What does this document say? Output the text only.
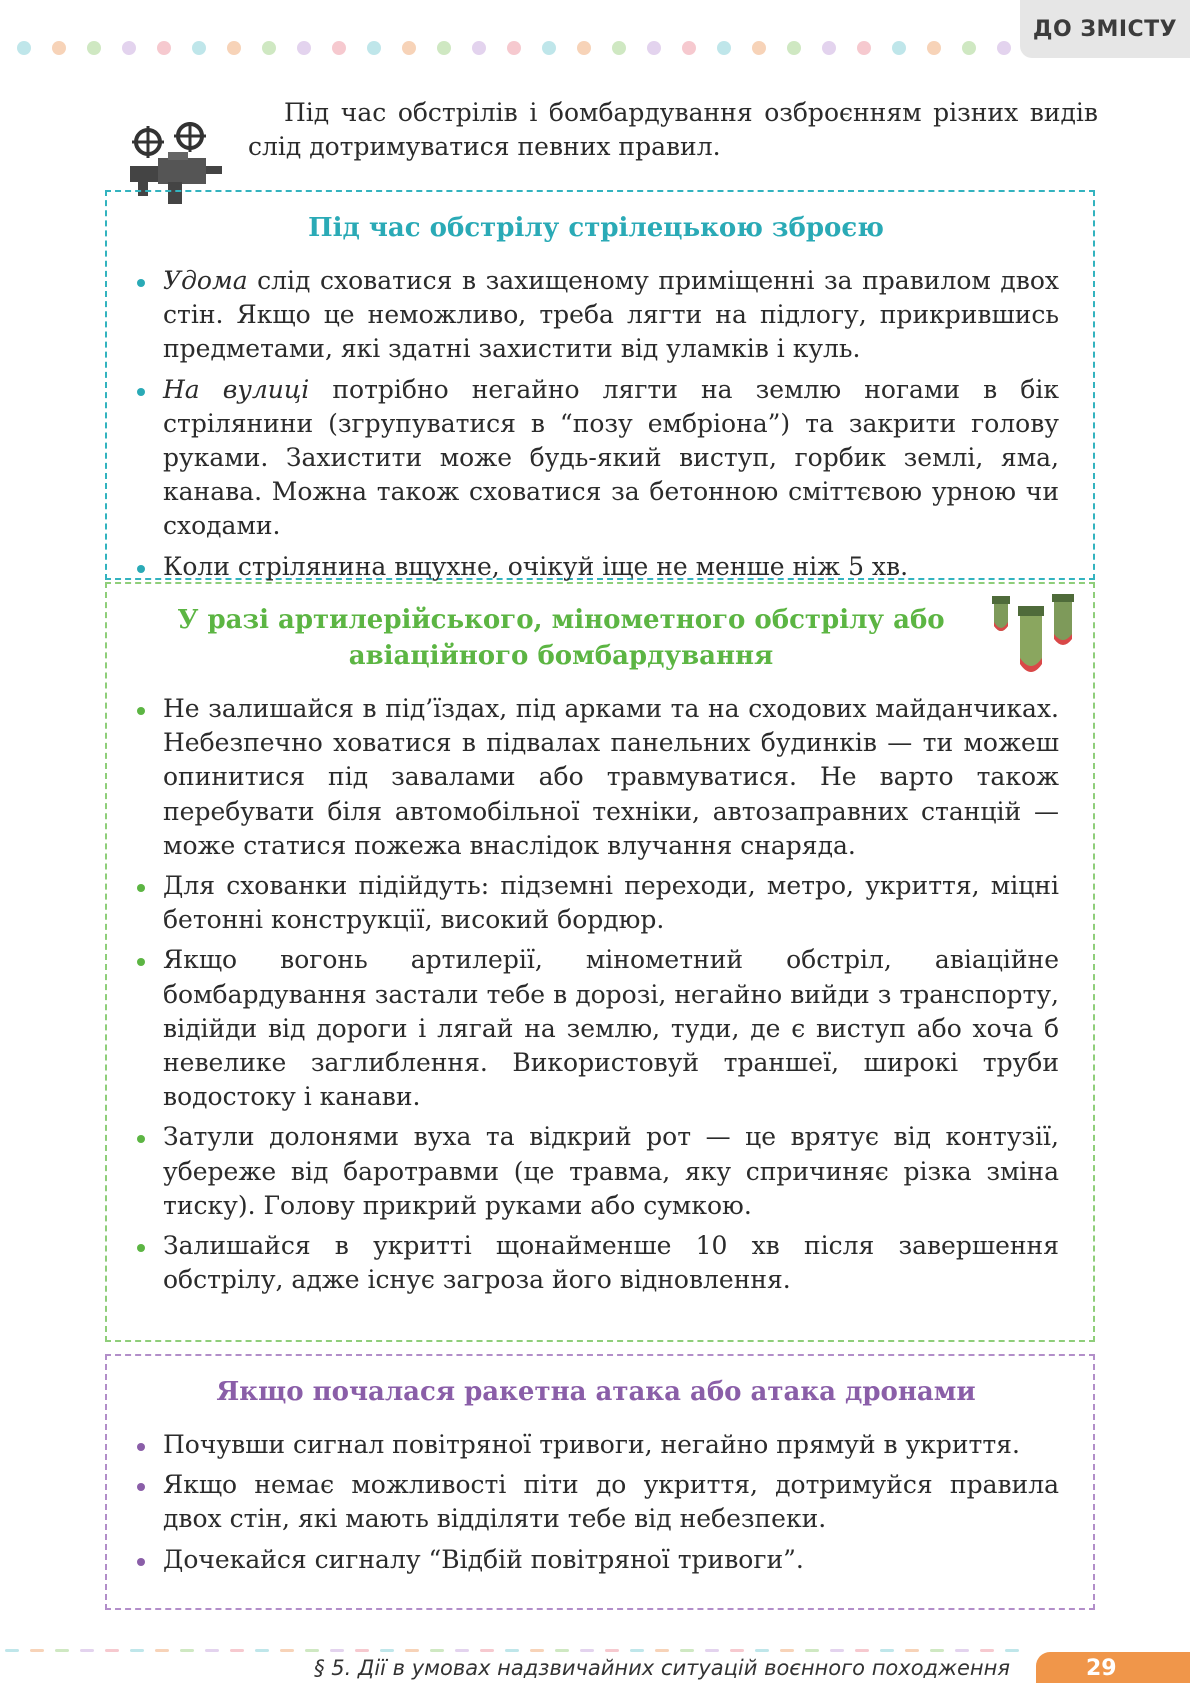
ДО ЗМІСТУ

Під час обстрілів і бомбардування озброєнням різних видів слід дотримуватися певних правил.

Під час обстрілу стрілецькою зброєю
Удома слід сховатися в захищеному приміщенні за правилом двох стін. Якщо це неможливо, треба лягти на підлогу, прикрившись предметами, які здатні захистити від уламків і куль.
На вулиці потрібно негайно лягти на землю ногами в бік стрілянини (згрупуватися в “позу ембріона”) та закрити голову руками. Захистити може будь-який виступ, горбик землі, яма, канава. Можна також сховатися за бетонною сміттєвою урною чи сходами.
Коли стрілянина вщухне, очікуй іще не менше ніж 5 хв.
У разі артилерійського, мінометного обстрілу або авіаційного бомбардування
Не залишайся в під’їздах, під арками та на сходових майданчиках. Небезпечно ховатися в підвалах панельних будинків — ти можеш опинитися під завалами або травмуватися. Не варто також перебувати біля автомобільної техніки, автозаправних станцій — може статися пожежа внаслідок влучання снаряда.
Для схованки підійдуть: підземні переходи, метро, укриття, міцні бетонні конструкції, високий бордюр.
Якщо вогонь артилерії, мінометний обстріл, авіаційне бомбардування застали тебе в дорозі, негайно вийди з транспорту, відійди від дороги і лягай на землю, туди, де є виступ або хоча б невелике заглиблення. Використовуй траншеї, широкі труби водостоку і канави.
Затули долонями вуха та відкрий рот — це врятує від контузії, убереже від баротравми (це травма, яку спричиняє різка зміна тиску). Голову прикрий руками або сумкою.
Залишайся в укритті щонайменше 10 хв після завершення обстрілу, адже існує загроза його відновлення.
Якщо почалася ракетна атака або атака дронами
Почувши сигнал повітряної тривоги, негайно прямуй в укриття.
Якщо немає можливості піти до укриття, дотримуйся правила двох стін, які мають відділяти тебе від небезпеки.
Дочекайся сигналу “Відбій повітряної тривоги”.
§ 5. Дії в умовах надзвичайних ситуацій воєнного походження	29
